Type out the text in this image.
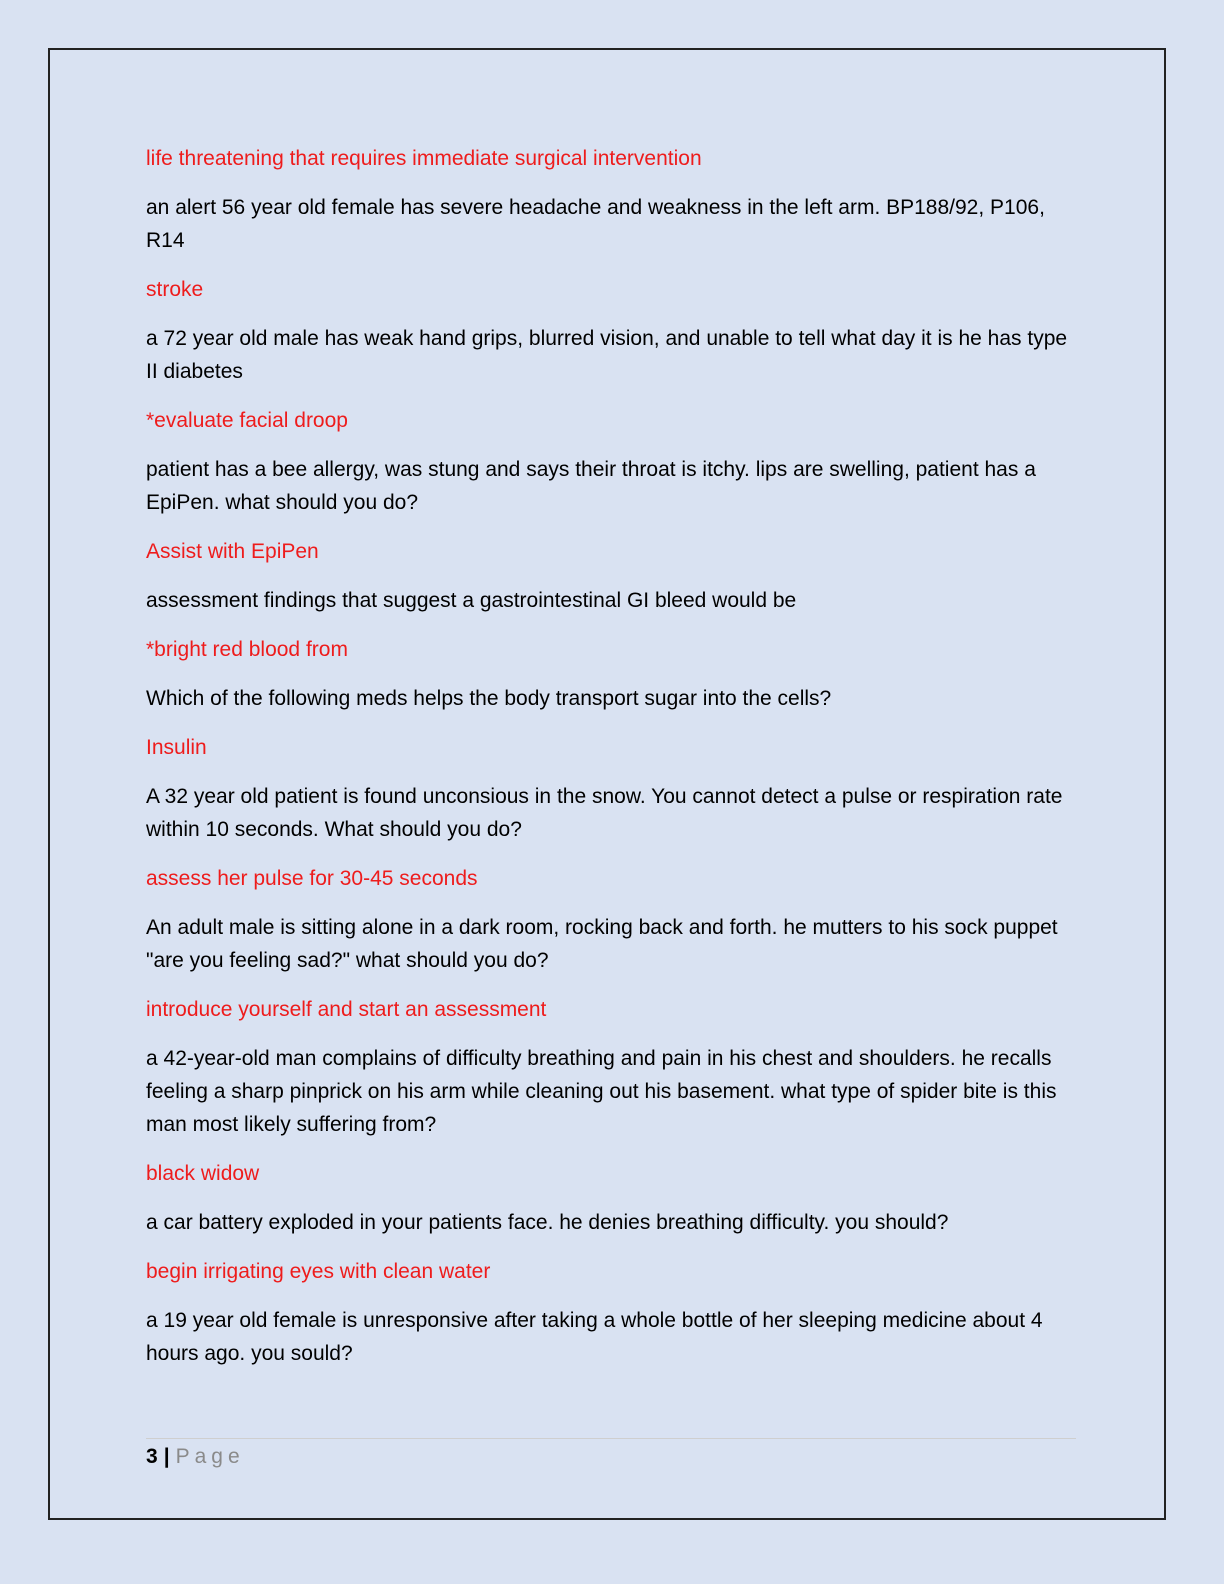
life threatening that requires immediate surgical intervention

an alert 56 year old female has severe headache and weakness in the left arm. BP188/92, P106, R14

stroke

a 72 year old male has weak hand grips, blurred vision, and unable to tell what day it is he has type II diabetes

*evaluate facial droop

patient has a bee allergy, was stung and says their throat is itchy. lips are swelling, patient has a EpiPen. what should you do?

Assist with EpiPen

assessment findings that suggest a gastrointestinal GI bleed would be

*bright red blood from

Which of the following meds helps the body transport sugar into the cells?

Insulin

A 32 year old patient is found unconsious in the snow. You cannot detect a pulse or respiration rate within 10 seconds. What should you do?

assess her pulse for 30-45 seconds

An adult male is sitting alone in a dark room, rocking back and forth. he mutters to his sock puppet "are you feeling sad?" what should you do?

introduce yourself and start an assessment

a 42-year-old man complains of difficulty breathing and pain in his chest and shoulders. he recalls feeling a sharp pinprick on his arm while cleaning out his basement. what type of spider bite is this man most likely suffering from?

black widow

a car battery exploded in your patients face. he denies breathing difficulty. you should?

begin irrigating eyes with clean water

a 19 year old female is unresponsive after taking a whole bottle of her sleeping medicine about 4 hours ago. you sould?

3 | Page
